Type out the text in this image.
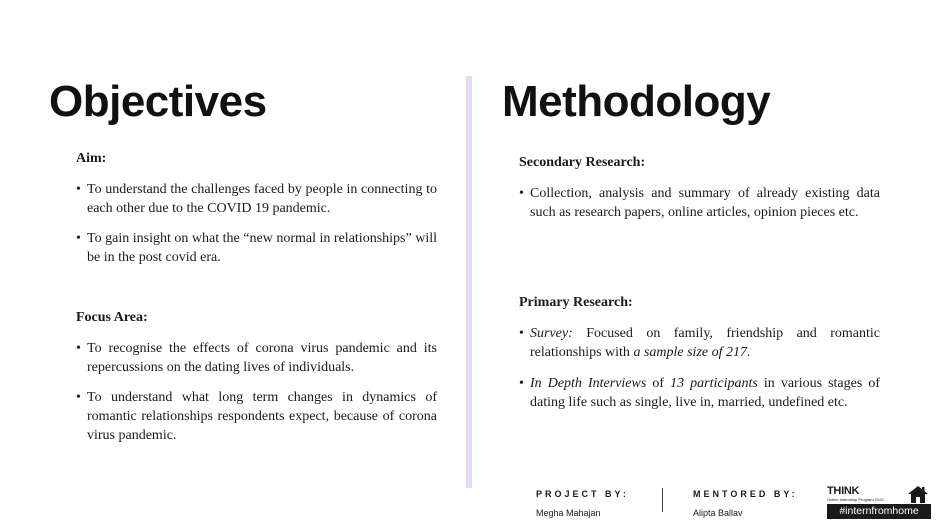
Objectives	Methodology
Aim:
• To understand the challenges faced by people in connecting to each other due to the COVID 19 pandemic.
• To gain insight on what the “new normal in relationships” will be in the post covid era.
Focus Area:
• To recognise the effects of corona virus pandemic and its repercussions on the dating lives of individuals.
• To understand what long term changes in dynamics of romantic relationships respondents expect, because of corona virus pandemic.
Secondary Research:
• Collection, analysis and summary of already existing data such as research papers, online articles, opinion pieces etc.
Primary Research:
• Survey: Focused on family, friendship and romantic relationships with a sample size of 217.
• In Depth Interviews of 13 participants in various stages of dating life such as single, live in, married, undefined etc.
PROJECT BY:
Megha Mahajan
MENTORED BY:
Alipta Ballav
THINK
Online Internship Program 2020
#internfromhome
